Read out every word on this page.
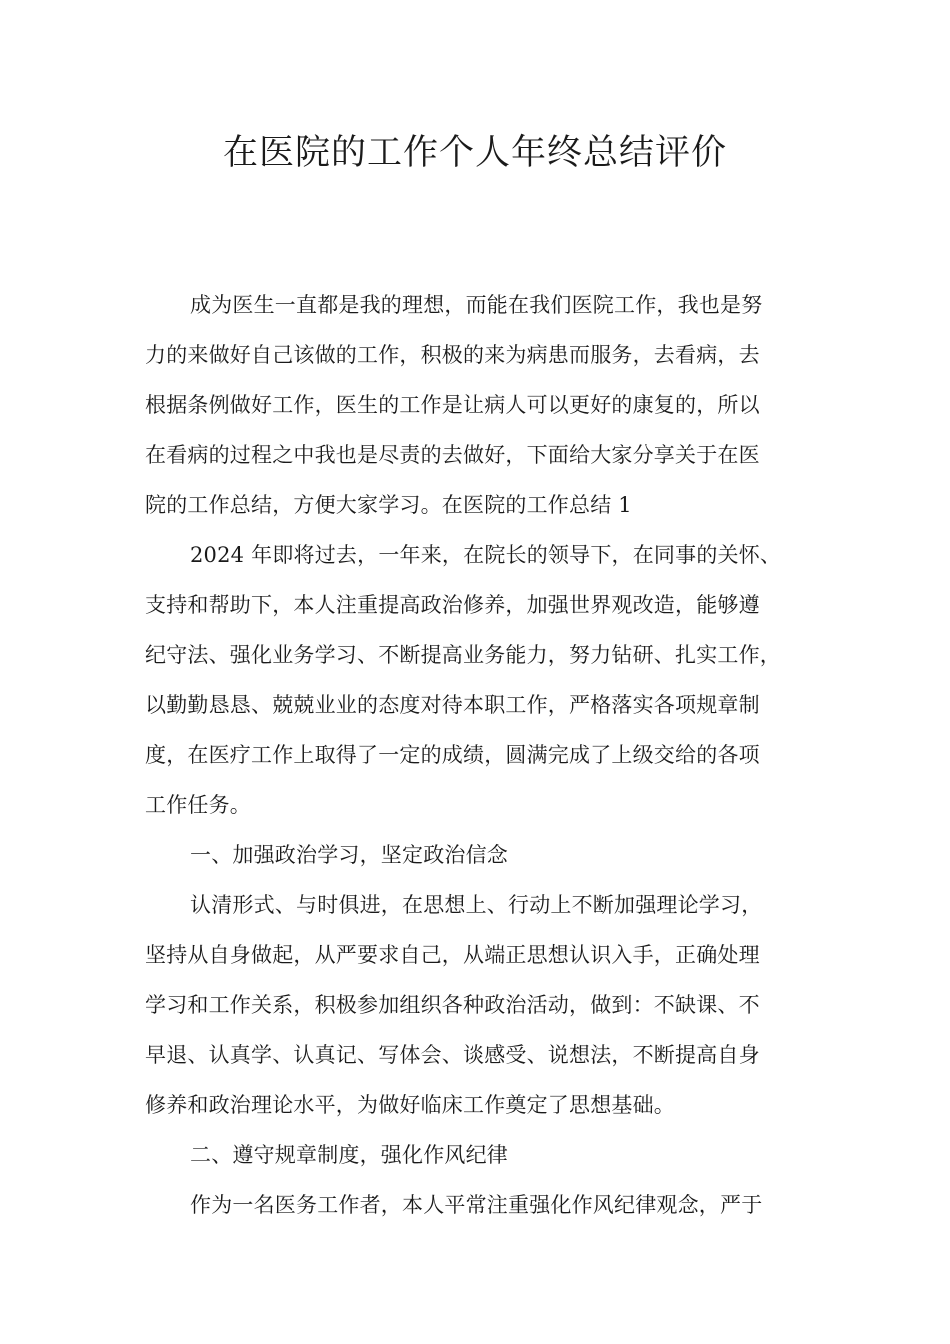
在医院的工作个人年终总结评价
成为医生一直都是我的理想，而能在我们医院工作，我也是努
力的来做好自己该做的工作，积极的来为病患而服务，去看病，去
根据条例做好工作，医生的工作是让病人可以更好的康复的，所以
在看病的过程之中我也是尽责的去做好，下面给大家分享关于在医
院的工作总结，方便大家学习。在医院的工作总结 1
2024 年即将过去，一年来，在院长的领导下，在同事的关怀、
支持和帮助下，本人注重提高政治修养，加强世界观改造，能够遵
纪守法、强化业务学习、不断提高业务能力，努力钻研、扎实工作，
以勤勤恳恳、兢兢业业的态度对待本职工作，严格落实各项规章制
度，在医疗工作上取得了一定的成绩，圆满完成了上级交给的各项
工作任务。
一、加强政治学习，坚定政治信念
认清形式、与时俱进，在思想上、行动上不断加强理论学习，
坚持从自身做起，从严要求自己，从端正思想认识入手，正确处理
学习和工作关系，积极参加组织各种政治活动，做到：不缺课、不
早退、认真学、认真记、写体会、谈感受、说想法，不断提高自身
修养和政治理论水平，为做好临床工作奠定了思想基础。
二、遵守规章制度，强化作风纪律
作为一名医务工作者，本人平常注重强化作风纪律观念，严于
